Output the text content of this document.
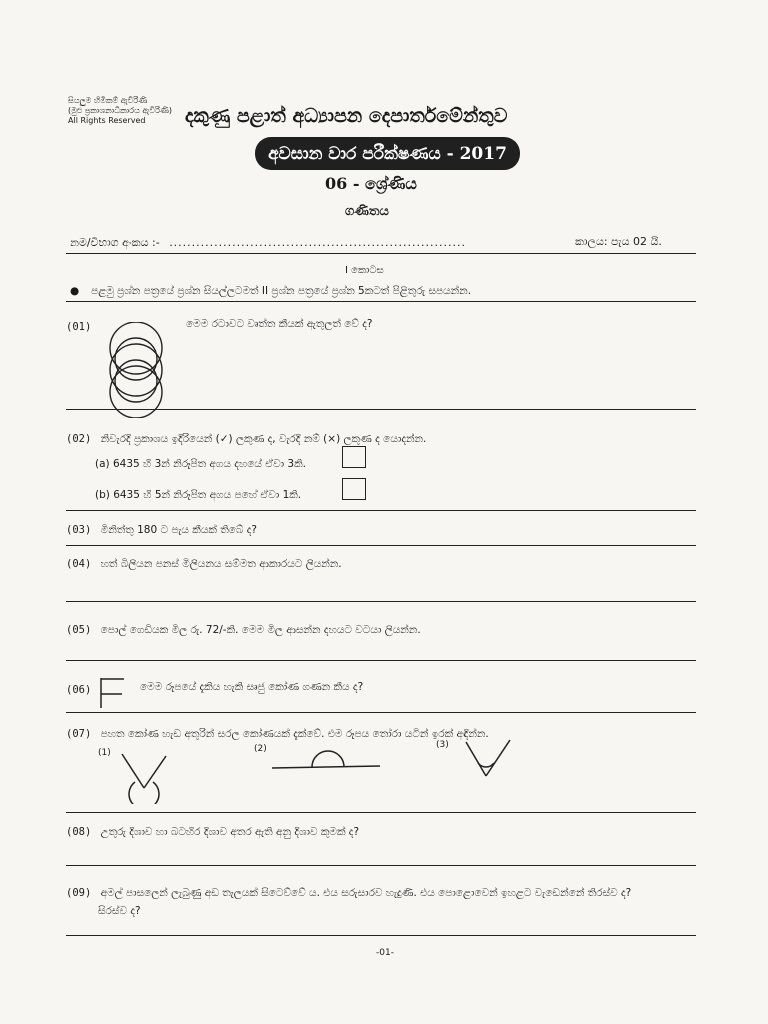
සියලුම හිමිකම් ඇවිරිණි
(මුළු ප්‍රකාශනාධිකාරය ඇවිරිණි)
All Rights Reserved	දකුණු පළාත් අධ්‍යාපන දෙපාර්තමේන්තුව
අවසාන වාර පරීක්ෂණය - 2017
06 - ශ්‍රේණිය
ගණිතය
නම/විභාග අංකය :- ..................................................................	කාලය: පැය 02 යි.
I කොටස
● පළමු ප්‍රශ්න පත්‍රයේ ප්‍රශ්න සියල්ලටමත් II ප්‍රශ්න පත්‍රයේ ප්‍රශ්න 5කටත් පිළිතුරු සපයන්න.
(01)	මෙම රටාවට වෘත්ත කීයක් ඇතුලත් වේ ද?
(02) නිවැරදි ප්‍රකාශය ඉදිරියෙන් (✓) ලකුණ ද, වැරදි නම් (×) ලකුණ ද යොදන්න.
(a) 6435 හි 3න් නිරූපිත අගය දහයේ ඒවා 3කි.
(b) 6435 හි 5න් නිරූපිත අගය පහේ ඒවා 1කි.
(03) මිනිත්තු 180 ට පැය කීයක් තිබේ ද?
(04) හත් බිලියන පනස් මිලියනය සම්මත ආකාරයට ලියන්න.
(05) පොල් ගෙඩියක මිල රු. 72/-කි. මෙම මිල ආසන්න දහයට වටයා ලියන්න.
(06)	මෙම රූපයේ දැකිය හැකි සෘජු කෝණ ගණන කීය ද?
(07) පහත කෝණ හැඩ අතුරින් සරල කෝණයක් දැක්වේ. එම රූපය තෝරා යටින් ඉරක් අඳින්න.
(1)	(2)	(3)
(08) උතුරු දිශාව හා බටහිර දිශාව අතර ඇති අනු දිශාව කුමක් ද?
(09) අමල් පාසලෙන් ලැබුණු අඩ තැලයක් සිටෙව්වේ ය. එය සරුසාරව හැදුණි. එය පොළොවෙන් ඉහළට වැඩෙන්නේ තිරස්ව ද?
සිරස්ව ද?
-01-
